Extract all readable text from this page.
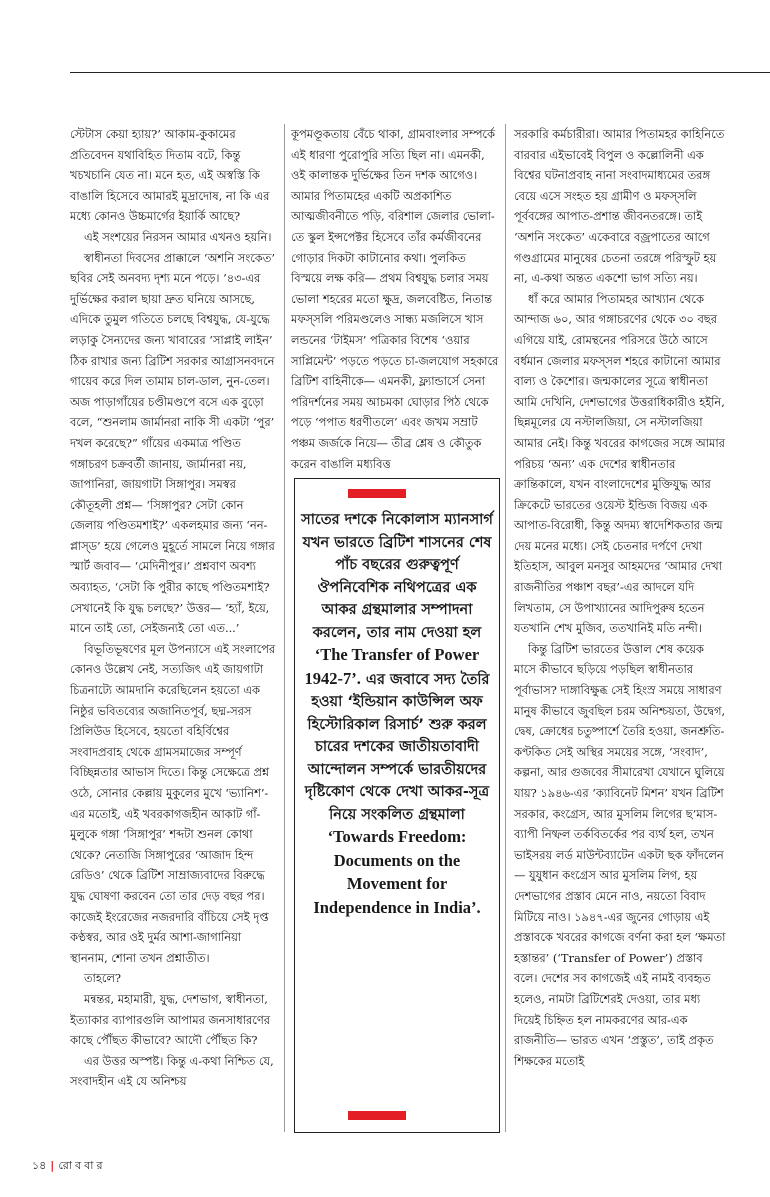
স্টেটাস কেয়া হ্যায়?’ আকাম-কুকামের প্রতিবেদন যথাবিহিত দিতাম বটে, কিন্তু খচখচানি যেত না। মনে হত, এই অস্বস্তি কি বাঙালি হিসেবে আমারই মুদ্রাদোষ, না কি এর মধ্যে কোনও উচ্চমার্গের ইয়ার্কি আছে?

এই সংশয়ের নিরসন আমার এখনও হয়নি।

স্বাধীনতা দিবসের প্রাক্কালে ‘অশনি সংকেত’ ছবির সেই অনবদ্য দৃশ্য মনে পড়ে। ’৪৩-এর দুর্ভিক্ষের করাল ছায়া দ্রুত ঘনিয়ে আসছে, এদিকে তুমুল গতিতে চলছে বিশ্বযুদ্ধ, যে-যুদ্ধে লড়াকু সৈন্যদের জন্য খাবারের ‘সাপ্লাই লাইন’ ঠিক রাখার জন্য ব্রিটিশ সরকার আগ্রাসনবদনে গায়েব করে দিল তামাম চাল-ডাল, নুন-তেল। অজ পাড়াগাঁয়ের চণ্ডীমণ্ডপে বসে এক বুড়ো বলে, “শুনলাম জার্মানরা নাকি সী একটা ‘পুর’ দখল করেছে?” গাঁয়ের একমাত্র পণ্ডিত গঙ্গাচরণ চক্রবর্তী জানায়, জার্মানরা নয়, জাপানিরা, জায়গাটা সিঙ্গাপুর। সমস্বর কৌতূহলী প্রশ্ন— ‘সিঙ্গাপুর? সেটা কোন জেলায় পণ্ডিতমশাই?’ একলহমার জন্য ‘নন-প্লাস্ড’ হয়ে গেলেও মুহূর্তে সামলে নিয়ে গঙ্গার স্মার্ট জবাব— ‘মেদিনীপুর।’ প্রশ্নবাণ অবশ্য অব্যাহত, ‘সেটা কি পুরীর কাছে পণ্ডিতমশাই? সেখানেই কি যুদ্ধ চলছে?’ উত্তর— ‘হ্যাঁ, ইয়ে, মানে তাই তো, সেইজন্যই তো এত...’

বিভূতিভূষণের মূল উপন্যাসে এই সংলাপের কোনও উল্লেখ নেই, সত্যজিৎ এই জায়গাটা চিত্রনাট্যে আমদানি করেছিলেন হয়তো এক নিষ্ঠুর ভবিতব্যের অজানিতপূর্ব, ছদ্ম-সরস প্রিলিউড হিসেবে, হয়তো বহির্বিশ্বের সংবাদপ্রবাহ থেকে গ্রামসমাজের সম্পূর্ণ বিচ্ছিন্নতার আভাস দিতে। কিন্তু সেক্ষেত্রে প্রশ্ন ওঠে, সোনার কেল্লায় মুকুলের মুখে ‘ভ্যানিশ’-এর মতোই, এই খবরকাগজহীন আকাট গাঁ-মুলুকে গঙ্গা ‘সিঙ্গাপুর’ শব্দটা শুনল কোথা থেকে? নেতাজি সিঙ্গাপুরের ‘আজাদ হিন্দ রেডিও’ থেকে ব্রিটিশ সাম্রাজ্যবাদের বিরুদ্ধে যুদ্ধ ঘোষণা করবেন তো তার দেড় বছর পর। কাজেই ইংরেজের নজরদারি বাঁচিয়ে সেই দৃপ্ত কণ্ঠস্বর, আর ওই দুর্মর আশা-জাগানিয়া স্থাননাম, শোনা তখন প্রশ্নাতীত।

তাহলে?

মন্বন্তর, মহামারী, যুদ্ধ, দেশভাগ, স্বাধীনতা, ইত্যাকার ব্যাপারগুলি আপামর জনসাধারণের কাছে পৌঁছত কীভাবে? আদৌ পৌঁছত কি?

এর উত্তর অস্পষ্ট। কিন্তু এ-কথা নিশ্চিত যে, সংবাদহীন এই যে অনিশ্চয়

কূপমণ্ডূকতায় বেঁচে থাকা, গ্রামবাংলার সম্পর্কে এই ধারণা পুরোপুরি সত্যি ছিল না। এমনকী, ওই কালান্তক দুর্ভিক্ষের তিন দশক আগেও। আমার পিতামহের একটি অপ্রকাশিত আত্মজীবনীতে পড়ি, বরিশাল জেলার ভোলা-তে স্কুল ইন্সপেক্টর হিসেবে তাঁর কর্মজীবনের গোড়ার দিকটা কাটানোর কথা। পুলকিত বিস্ময়ে লক্ষ করি— প্রথম বিশ্বযুদ্ধ চলার সময় ভোলা শহরের মতো ক্ষুদ্র, জলবেষ্টিত, নিতান্ত মফস্সলি পরিমণ্ডলেও সান্ধ্য মজলিসে খাস লন্ডনের ‘টাইমস’ পত্রিকার বিশেষ ‘ওয়ার সাপ্লিমেন্ট’ পড়তে পড়তে চা-জলযোগ সহকারে ব্রিটিশ বাহিনীকে— এমনকী, ফ্ল্যান্ডার্সে সেনা পরিদর্শনের সময় আচমকা ঘোড়ার পিঠ থেকে পড়ে ‘পপাত ধরণীতলে’ এবং জখম সম্রাট পঞ্চম জর্জকে নিয়ে— তীব্র শ্লেষ ও কৌতুক করেন বাঙালি মধ্যবিত্ত

সাতের দশকে নিকোলাস ম্যানসার্গ যখন ভারতে ব্রিটিশ শাসনের শেষ পাঁচ বছরের গুরুত্বপূর্ণ ঔপনিবেশিক নথিপত্রের এক আকর গ্রন্থমালার সম্পাদনা করলেন, তার নাম দেওয়া হল ‘The Transfer of Power 1942-7’. এর জবাবে সদ্য তৈরি হওয়া ‘ইন্ডিয়ান কাউন্সিল অফ হিস্টোরিকাল রিসার্চ’ শুরু করল চারের দশকের জাতীয়তাবাদী আন্দোলন সম্পর্কে ভারতীয়দের দৃষ্টিকোণ থেকে দেখা আকর-সূত্র নিয়ে সংকলিত গ্রন্থমালা ‘Towards Freedom: Documents on the Movement for Independence in India’.

সরকারি কর্মচারীরা। আমার পিতামহর কাহিনিতে বারবার এইভাবেই বিপুল ও কল্লোলিনী এক বিশ্বের ঘটনাপ্রবাহ নানা সংবাদমাধ্যমের তরঙ্গ বেয়ে এসে সংহত হয় গ্রামীণ ও মফস্সলি পূর্ববঙ্গের আপাত-প্রশান্ত জীবনতরঙ্গে। তাই ‘অশনি সংকেত’ একেবারে বজ্রপাতের আগে গণ্ডগ্রামের মানুষের চেতনা তরঙ্গে পরিস্ফুট হয় না, এ-কথা অন্তত একশো ভাগ সত্যি নয়।

ধাঁ করে আমার পিতামহর আখ্যান থেকে আন্দাজ ৬০, আর গঙ্গাচরণের থেকে ৩০ বছর এগিয়ে যাই, রোমন্থনের পরিসরে উঠে আসে বর্ধমান জেলার মফস্সল শহরে কাটানো আমার বাল্য ও কৈশোর। জন্মকালের সূত্রে স্বাধীনতা আমি দেখিনি, দেশভাগের উত্তরাধিকারীও হইনি, ছিন্নমূলের যে নস্টালজিয়া, সে নস্টালজিয়া আমার নেই। কিন্তু খবরের কাগজের সঙ্গে আমার পরিচয় ‘অন্য’ এক দেশের স্বাধীনতার ক্রান্তিকালে, যখন বাংলাদেশের মুক্তিযুদ্ধ আর ক্রিকেটে ভারতের ওয়েস্ট ইন্ডিজ বিজয় এক আপাত-বিরোধী, কিন্তু অদম্য স্বাদেশিকতার জন্ম দেয় মনের মধ্যে। সেই চেতনার দর্পণে দেখা ইতিহাস, আবুল মনসুর আহমদের ‘আমার দেখা রাজনীতির পঞ্চাশ বছর’-এর আদলে যদি লিখতাম, সে উপাখ্যানের আদিপুরুষ হতেন যতখানি শেখ মুজিব, ততখানিই মতি নন্দী।

কিন্তু ব্রিটিশ ভারতের উত্তাল শেষ কয়েক মাসে কীভাবে ছড়িয়ে পড়ছিল স্বাধীনতার পূর্বাভাস? দাঙ্গাবিক্ষুব্ধ সেই হিংস্র সময়ে সাধারণ মানুষ কীভাবে জুবছিল চরম অনিশ্চয়তা, উদ্বেগ, দ্বেষ, ক্রোধের চতুষ্পার্শে তৈরি হওয়া, জনশ্রুতি-কণ্টকিত সেই অস্থির সময়ের সঙ্গে, ‘সংবাদ’, কল্পনা, আর গুজবের সীমারেখা যেখানে ঘুলিয়ে যায়? ১৯৪৬-এর ‘ক্যাবিনেট মিশন’ যখন ব্রিটিশ সরকার, কংগ্রেস, আর মুসলিম লিগের ছ’মাস-ব্যাপী নিষ্ফল তর্কবিতর্কের পর ব্যর্থ হল, তখন ভাইসরয় লর্ড মাউন্টব্যাটেন একটা ছক ফাঁদলেন— যুযুধান কংগ্রেস আর মুসলিম লিগ, হয় দেশভাগের প্রস্তাব মেনে নাও, নয়তো বিবাদ মিটিয়ে নাও। ১৯৪৭-এর জুনের গোড়ায় এই প্রস্তাবকে খবরের কাগজে বর্ণনা করা হল ‘ক্ষমতা হস্তান্তর’ (‘Transfer of Power’) প্রস্তাব বলে। দেশের সব কাগজেই এই নামই ব্যবহৃত হলেও, নামটা ব্রিটিশেরই দেওয়া, তার মধ্য দিয়েই চিহ্নিত হল নামকরণের আর-এক রাজনীতি— ভারত এখন ‘প্রস্তুত’, তাই প্রকৃত শিক্ষকের মতোই

১৪ | রোববার
